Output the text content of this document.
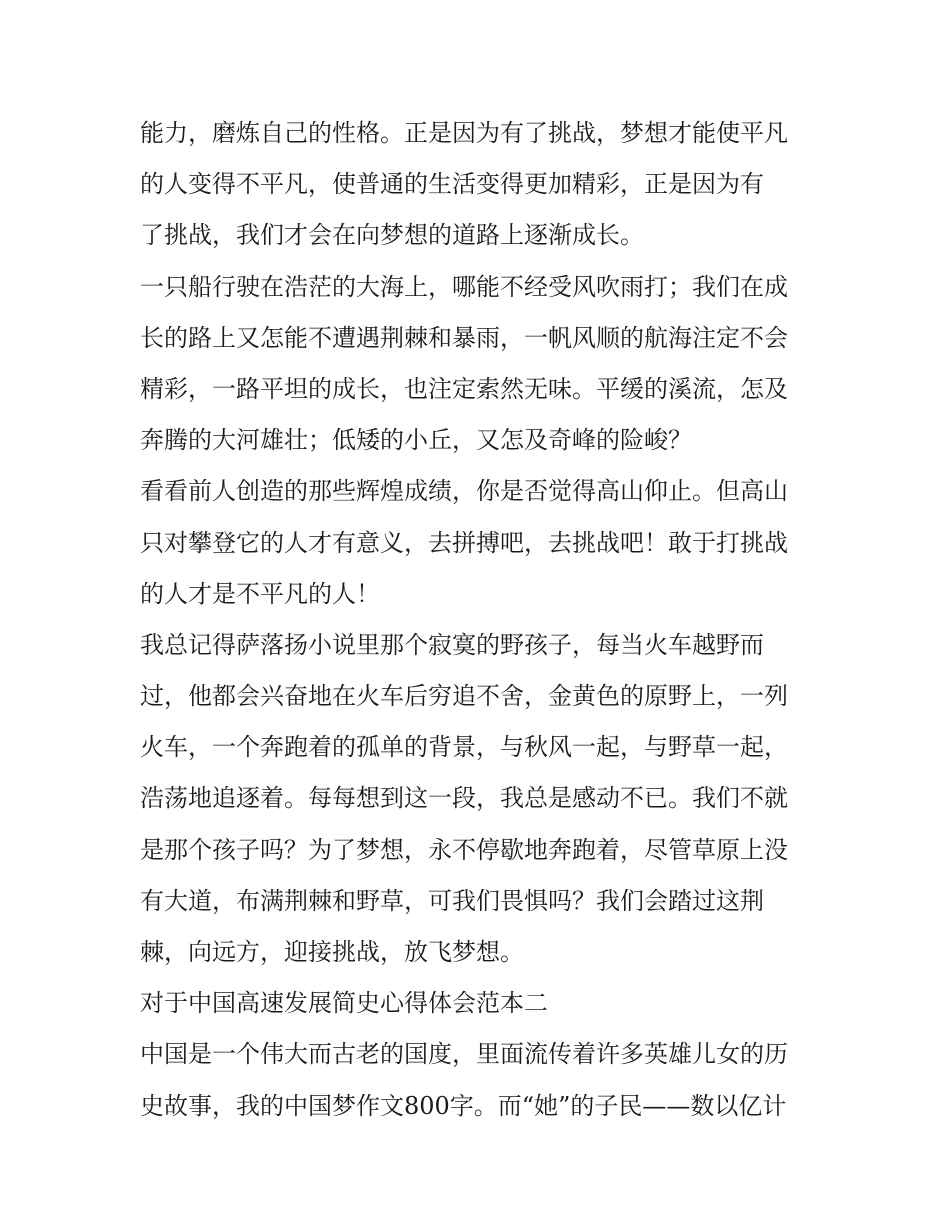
能力，磨炼自己的性格。正是因为有了挑战，梦想才能使平凡
的人变得不平凡，使普通的生活变得更加精彩，正是因为有
了挑战，我们才会在向梦想的道路上逐渐成长。
一只船行驶在浩茫的大海上，哪能不经受风吹雨打；我们在成
长的路上又怎能不遭遇荆棘和暴雨，一帆风顺的航海注定不会
精彩，一路平坦的成长，也注定索然无味。平缓的溪流，怎及
奔腾的大河雄壮；低矮的小丘，又怎及奇峰的险峻？
看看前人创造的那些辉煌成绩，你是否觉得高山仰止。但高山
只对攀登它的人才有意义，去拼搏吧，去挑战吧！敢于打挑战
的人才是不平凡的人！
我总记得萨落扬小说里那个寂寞的野孩子，每当火车越野而
过，他都会兴奋地在火车后穷追不舍，金黄色的原野上，一列
火车，一个奔跑着的孤单的背景，与秋风一起，与野草一起，
浩荡地追逐着。每每想到这一段，我总是感动不已。我们不就
是那个孩子吗？为了梦想，永不停歇地奔跑着，尽管草原上没
有大道，布满荆棘和野草，可我们畏惧吗？我们会踏过这荆
棘，向远方，迎接挑战，放飞梦想。
对于中国高速发展简史心得体会范本二
中国是一个伟大而古老的国度，里面流传着许多英雄儿女的历
史故事，我的中国梦作文800字。而“她”的子民——数以亿计
